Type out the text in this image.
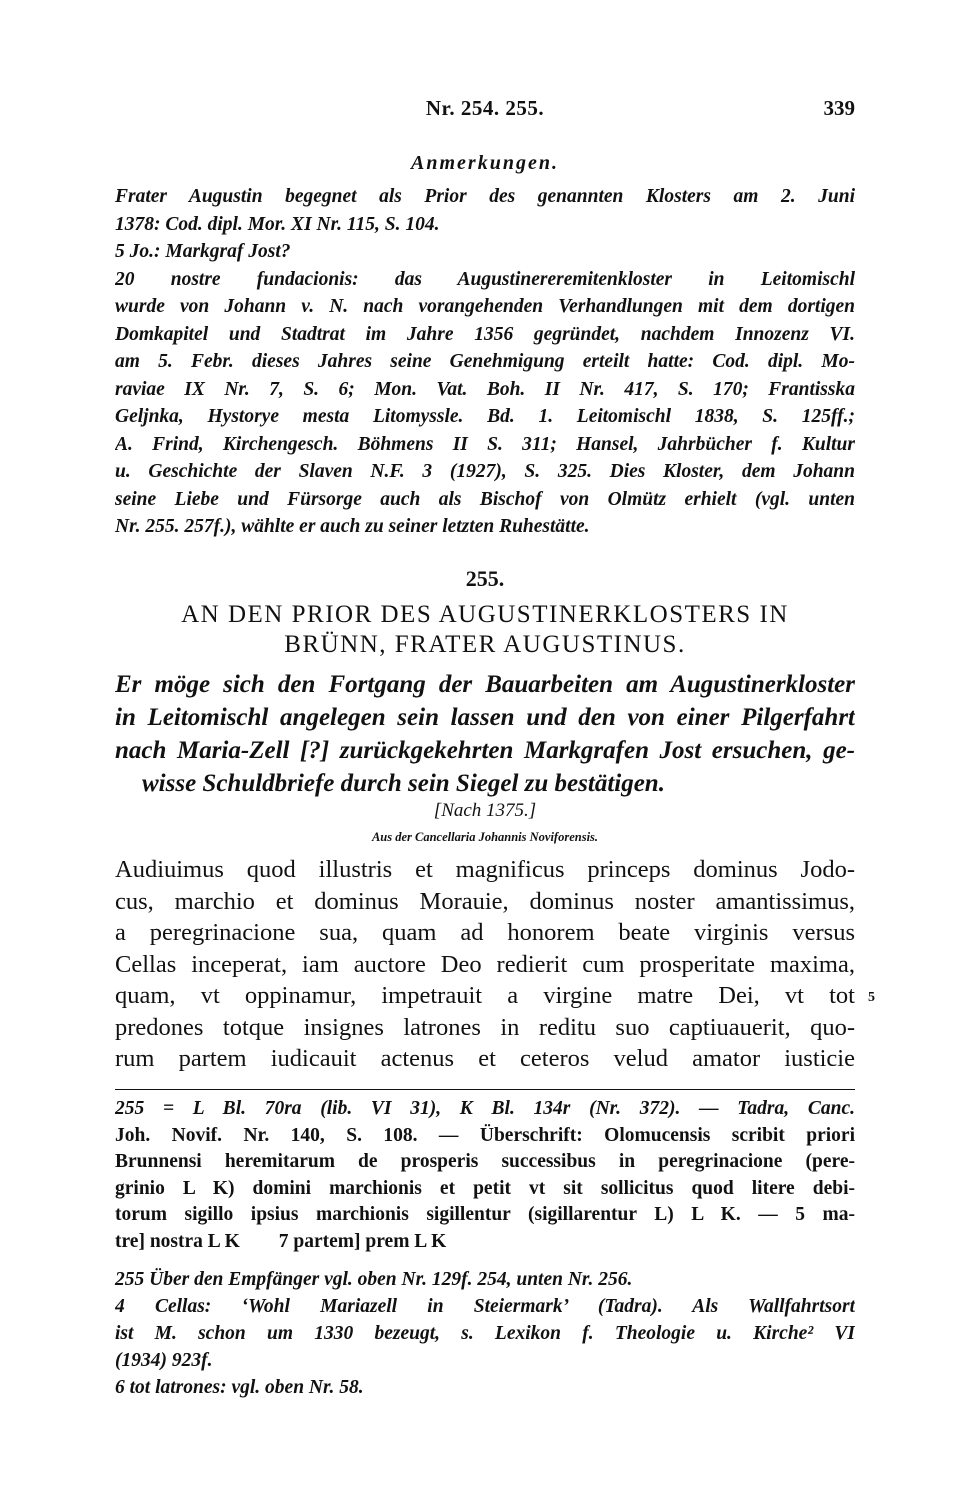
Nr. 254. 255.	339
Anmerkungen.
Frater Augustin begegnet als Prior des genannten Klosters am 2. Juni
1378: Cod. dipl. Mor. XI Nr. 115, S. 104.
5 Jo.: Markgraf Jost?
20 nostre fundacionis: das Augustinereremitenkloster in Leitomischl
wurde von Johann v. N. nach vorangehenden Verhandlungen mit dem dortigen
Domkapitel und Stadtrat im Jahre 1356 gegründet, nachdem Innozenz VI.
am 5. Febr. dieses Jahres seine Genehmigung erteilt hatte: Cod. dipl. Mo-
raviae IX Nr. 7, S. 6; Mon. Vat. Boh. II Nr. 417, S. 170; Frantisska
Geljnka, Hystorye mesta Litomyssle. Bd. 1. Leitomischl 1838, S. 125ff.;
A. Frind, Kirchengesch. Böhmens II S. 311; Hansel, Jahrbücher f. Kultur
u. Geschichte der Slaven N.F. 3 (1927), S. 325. Dies Kloster, dem Johann
seine Liebe und Fürsorge auch als Bischof von Olmütz erhielt (vgl. unten
Nr. 255. 257f.), wählte er auch zu seiner letzten Ruhestätte.
255.
AN DEN PRIOR DES AUGUSTINERKLOSTERS IN
BRÜNN, FRATER AUGUSTINUS.
Er möge sich den Fortgang der Bauarbeiten am Augustinerkloster
in Leitomischl angelegen sein lassen und den von einer Pilgerfahrt
nach Maria-Zell [?] zurückgekehrten Markgrafen Jost ersuchen, ge-
wisse Schuldbriefe durch sein Siegel zu bestätigen.
[Nach 1375.]
Aus der Cancellaria Johannis Noviforensis.
Audiuimus quod illustris et magnificus princeps dominus Jodo-
cus, marchio et dominus Morauie, dominus noster amantissimus,
a peregrinacione sua, quam ad honorem beate virginis versus
Cellas inceperat, iam auctore Deo redierit cum prosperitate maxima,
quam, vt oppinamur, impetrauit a virgine matre Dei, vt tot
predones totque insignes latrones in reditu suo captiuauerit, quo-
rum partem iudicauit actenus et ceteros velud amator iusticie
5
255 = L Bl. 70ra (lib. VI 31), K Bl. 134r (Nr. 372). — Tadra, Canc.
Joh. Novif. Nr. 140, S. 108. — Überschrift: Olomucensis scribit priori
Brunnensi heremitarum de prosperis successibus in peregrinacione (pere-
grinio L K) domini marchionis et petit vt sit sollicitus quod litere debi-
torum sigillo ipsius marchionis sigillentur (sigillarentur L) L K. — 5 ma-
tre] nostra L K        7 partem] prem L K
255 Über den Empfänger vgl. oben Nr. 129f. 254, unten Nr. 256.
4 Cellas: ‘Wohl Mariazell in Steiermark’ (Tadra). Als Wallfahrtsort
ist M. schon um 1330 bezeugt, s. Lexikon f. Theologie u. Kirche² VI
(1934) 923f.
6 tot latrones: vgl. oben Nr. 58.
